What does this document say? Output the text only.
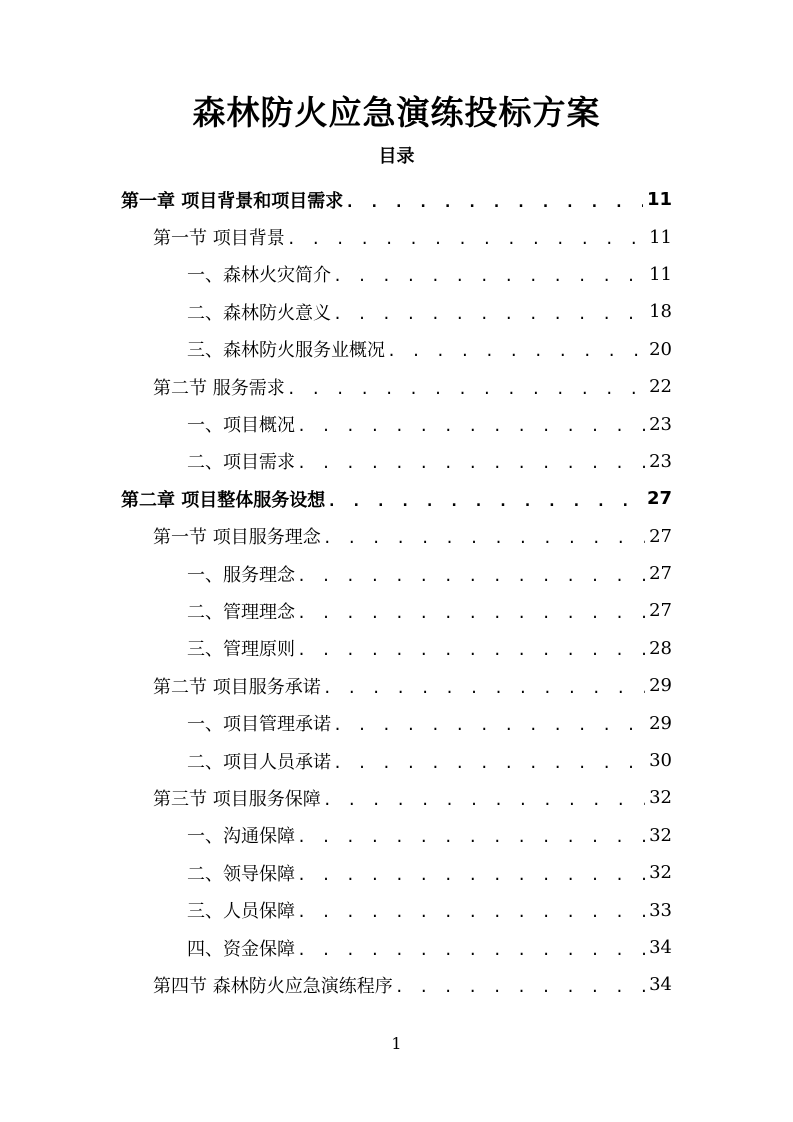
森林防火应急演练投标方案
目录
第一章 项目背景和项目需求 . . .	11
第一节 项目背景 . . .	11
一、森林火灾简介 . . .	11
二、森林防火意义 . . .	18
三、森林防火服务业概况 . . .	20
第二节 服务需求 . . .	22
一、项目概况 . . .	23
二、项目需求 . . .	23
第二章 项目整体服务设想 . . .	27
第一节 项目服务理念 . . .	27
一、服务理念 . . .	27
二、管理理念 . . .	27
三、管理原则 . . .	28
第二节 项目服务承诺 . . .	29
一、项目管理承诺 . . .	29
二、项目人员承诺 . . .	30
第三节 项目服务保障 . . .	32
一、沟通保障 . . .	32
二、领导保障 . . .	32
三、人员保障 . . .	33
四、资金保障 . . .	34
第四节 森林防火应急演练程序 . . .	34
1
